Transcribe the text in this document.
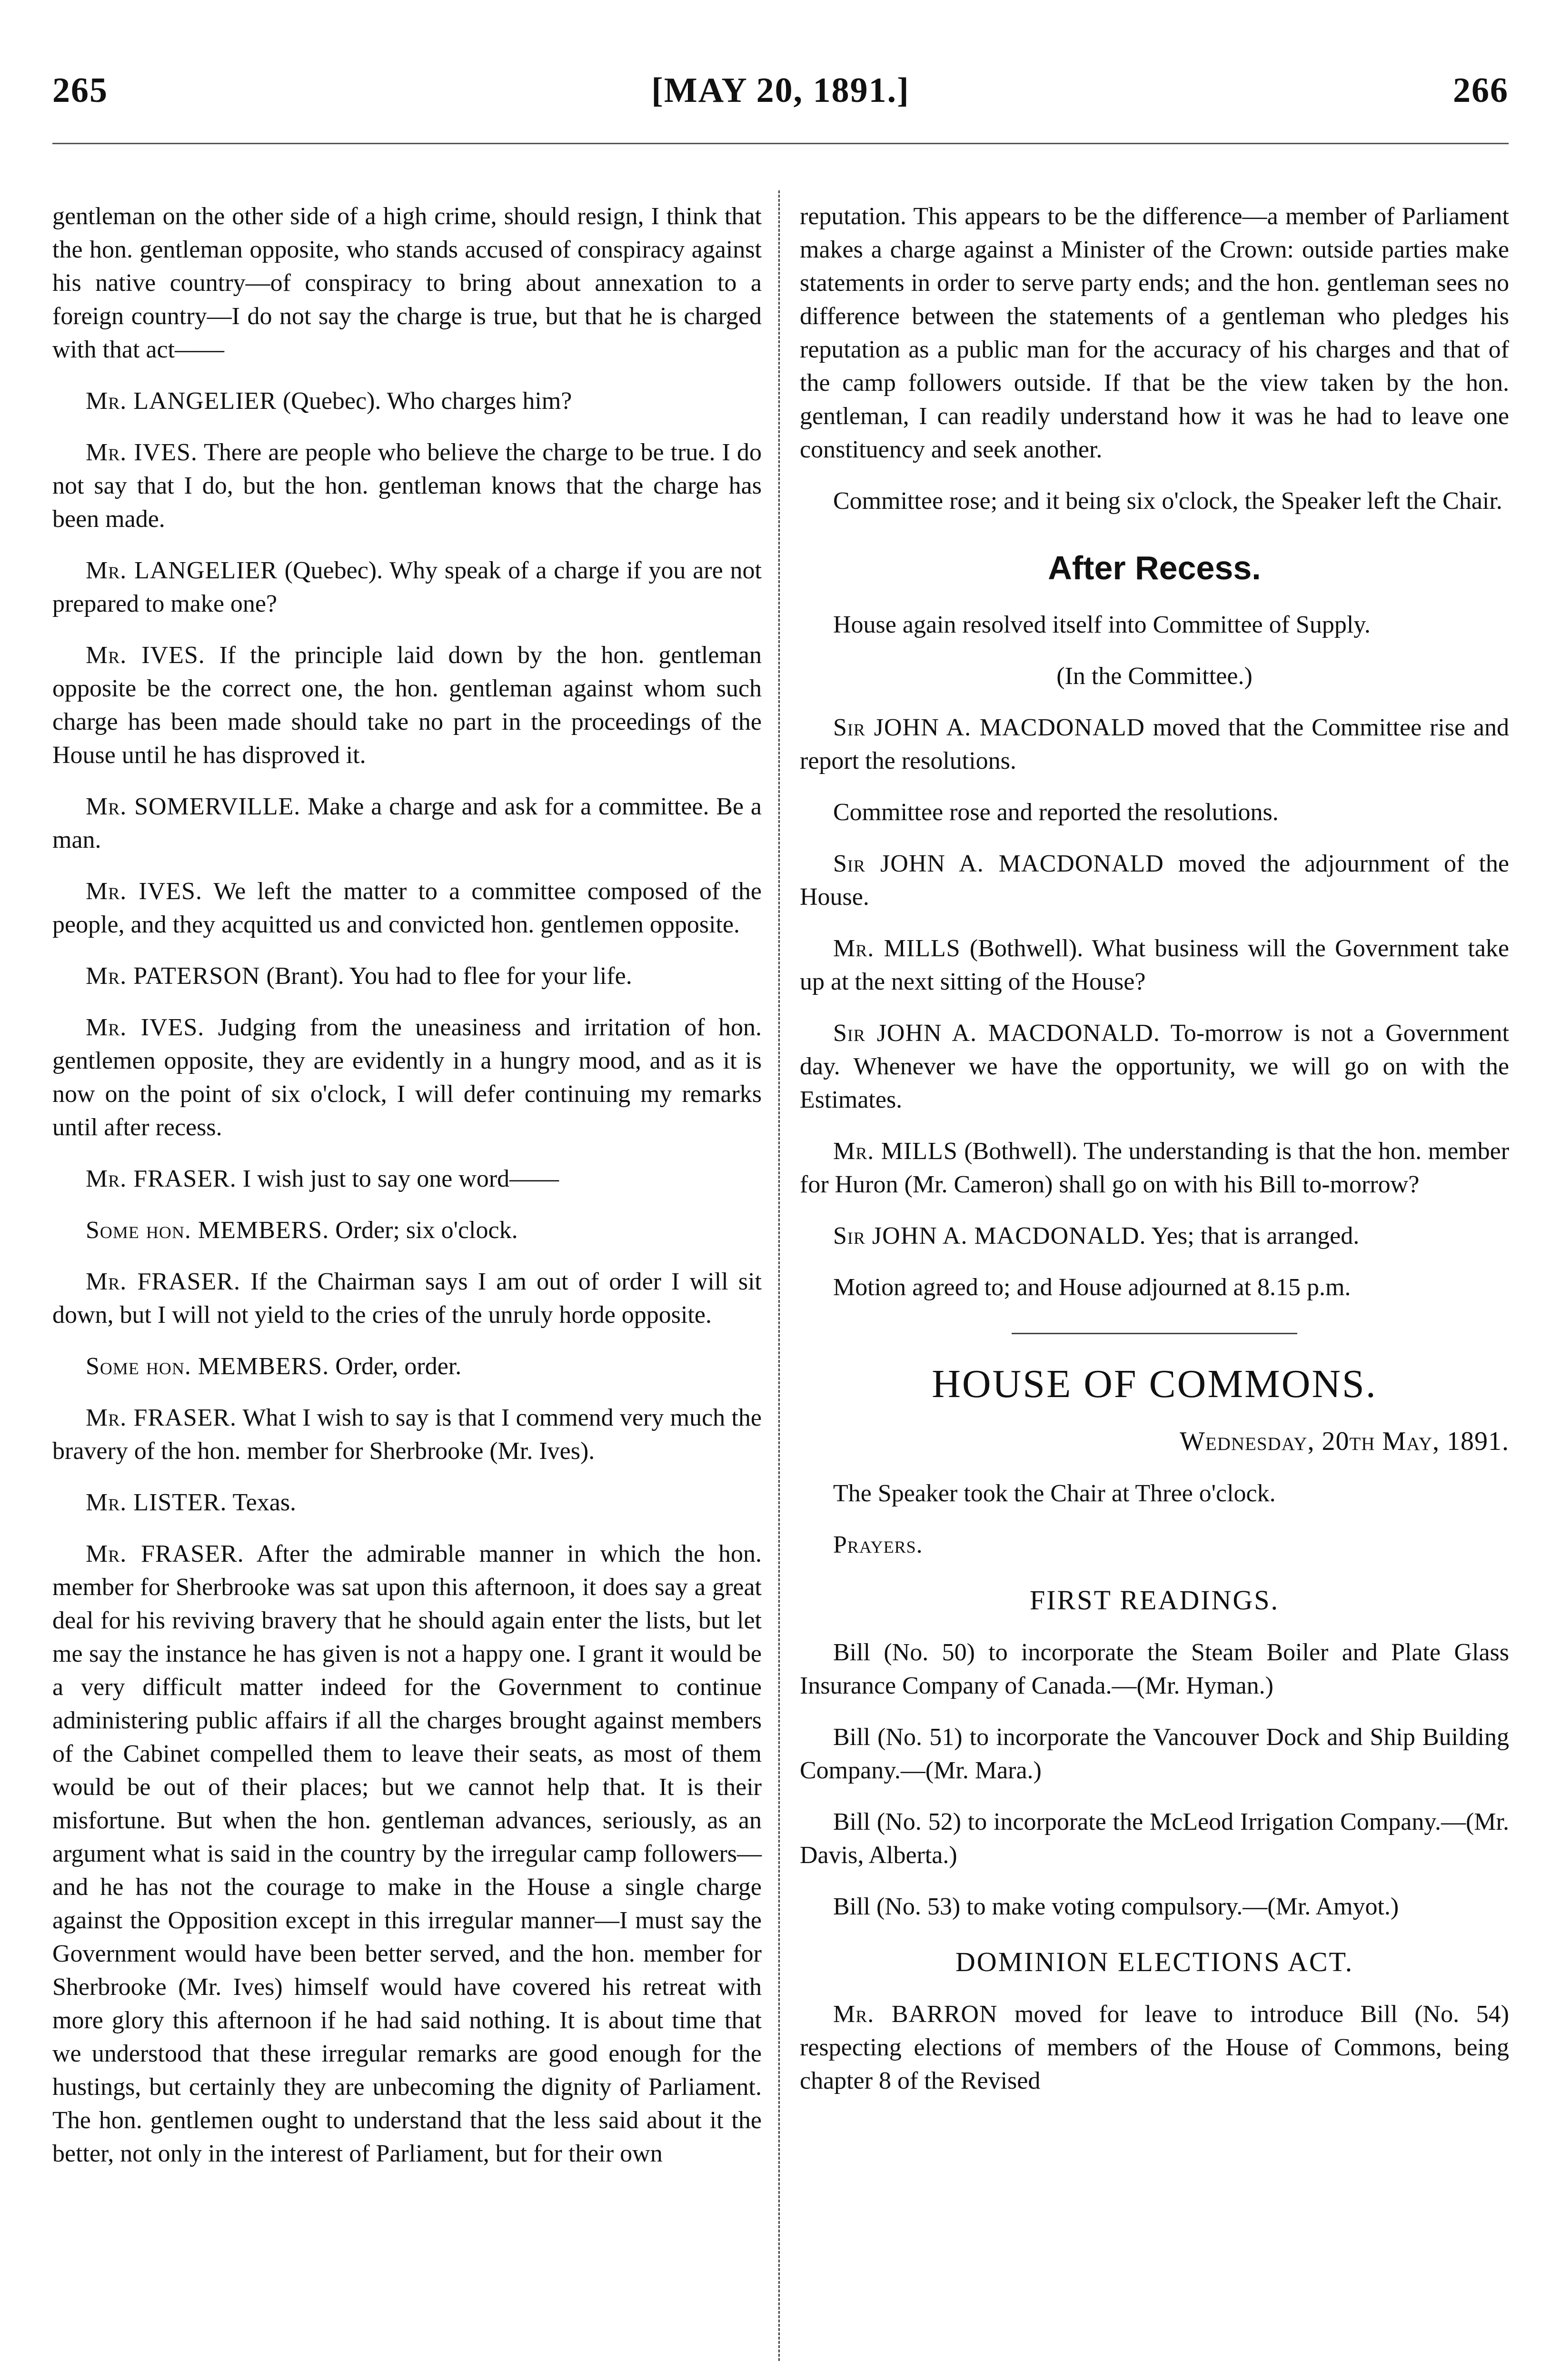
265	[MAY 20, 1891.]	266

gentleman on the other side of a high crime, should resign, I think that the hon. gentleman opposite, who stands accused of conspiracy against his native country—of conspiracy to bring about annexation to a foreign country—I do not say the charge is true, but that he is charged with that act——

Mr. LANGELIER (Quebec). Who charges him?

Mr. IVES. There are people who believe the charge to be true. I do not say that I do, but the hon. gentleman knows that the charge has been made.

Mr. LANGELIER (Quebec). Why speak of a charge if you are not prepared to make one?

Mr. IVES. If the principle laid down by the hon. gentleman opposite be the correct one, the hon. gentleman against whom such charge has been made should take no part in the proceedings of the House until he has disproved it.

Mr. SOMERVILLE. Make a charge and ask for a committee. Be a man.

Mr. IVES. We left the matter to a committee composed of the people, and they acquitted us and convicted hon. gentlemen opposite.

Mr. PATERSON (Brant). You had to flee for your life.

Mr. IVES. Judging from the uneasiness and irritation of hon. gentlemen opposite, they are evidently in a hungry mood, and as it is now on the point of six o'clock, I will defer continuing my remarks until after recess.

Mr. FRASER. I wish just to say one word——

Some hon. MEMBERS. Order; six o'clock.

Mr. FRASER. If the Chairman says I am out of order I will sit down, but I will not yield to the cries of the unruly horde opposite.

Some hon. MEMBERS. Order, order.

Mr. FRASER. What I wish to say is that I commend very much the bravery of the hon. member for Sherbrooke (Mr. Ives).

Mr. LISTER. Texas.

Mr. FRASER. After the admirable manner in which the hon. member for Sherbrooke was sat upon this afternoon, it does say a great deal for his reviving bravery that he should again enter the lists, but let me say the instance he has given is not a happy one. I grant it would be a very difficult matter indeed for the Government to continue administering public affairs if all the charges brought against members of the Cabinet compelled them to leave their seats, as most of them would be out of their places; but we cannot help that. It is their misfortune. But when the hon. gentleman advances, seriously, as an argument what is said in the country by the irregular camp followers—and he has not the courage to make in the House a single charge against the Opposition except in this irregular manner—I must say the Government would have been better served, and the hon. member for Sherbrooke (Mr. Ives) himself would have covered his retreat with more glory this afternoon if he had said nothing. It is about time that we understood that these irregular remarks are good enough for the hustings, but certainly they are unbecoming the dignity of Parliament. The hon. gentlemen ought to understand that the less said about it the better, not only in the interest of Parliament, but for their own

reputation. This appears to be the difference—a member of Parliament makes a charge against a Minister of the Crown: outside parties make statements in order to serve party ends; and the hon. gentleman sees no difference between the statements of a gentleman who pledges his reputation as a public man for the accuracy of his charges and that of the camp followers outside. If that be the view taken by the hon. gentleman, I can readily understand how it was he had to leave one constituency and seek another.

Committee rose; and it being six o'clock, the Speaker left the Chair.

After Recess.

House again resolved itself into Committee of Supply.

(In the Committee.)

Sir JOHN A. MACDONALD moved that the Committee rise and report the resolutions.

Committee rose and reported the resolutions.

Sir JOHN A. MACDONALD moved the adjournment of the House.

Mr. MILLS (Bothwell). What business will the Government take up at the next sitting of the House?

Sir JOHN A. MACDONALD. To-morrow is not a Government day. Whenever we have the opportunity, we will go on with the Estimates.

Mr. MILLS (Bothwell). The understanding is that the hon. member for Huron (Mr. Cameron) shall go on with his Bill to-morrow?

Sir JOHN A. MACDONALD. Yes; that is arranged.

Motion agreed to; and House adjourned at 8.15 p.m.

HOUSE OF COMMONS.
Wednesday, 20th May, 1891.

The Speaker took the Chair at Three o'clock.

Prayers.

FIRST READINGS.

Bill (No. 50) to incorporate the Steam Boiler and Plate Glass Insurance Company of Canada.—(Mr. Hyman.)

Bill (No. 51) to incorporate the Vancouver Dock and Ship Building Company.—(Mr. Mara.)

Bill (No. 52) to incorporate the McLeod Irrigation Company.—(Mr. Davis, Alberta.)

Bill (No. 53) to make voting compulsory.—(Mr. Amyot.)

DOMINION ELECTIONS ACT.

Mr. BARRON moved for leave to introduce Bill (No. 54) respecting elections of members of the House of Commons, being chapter 8 of the Revised
